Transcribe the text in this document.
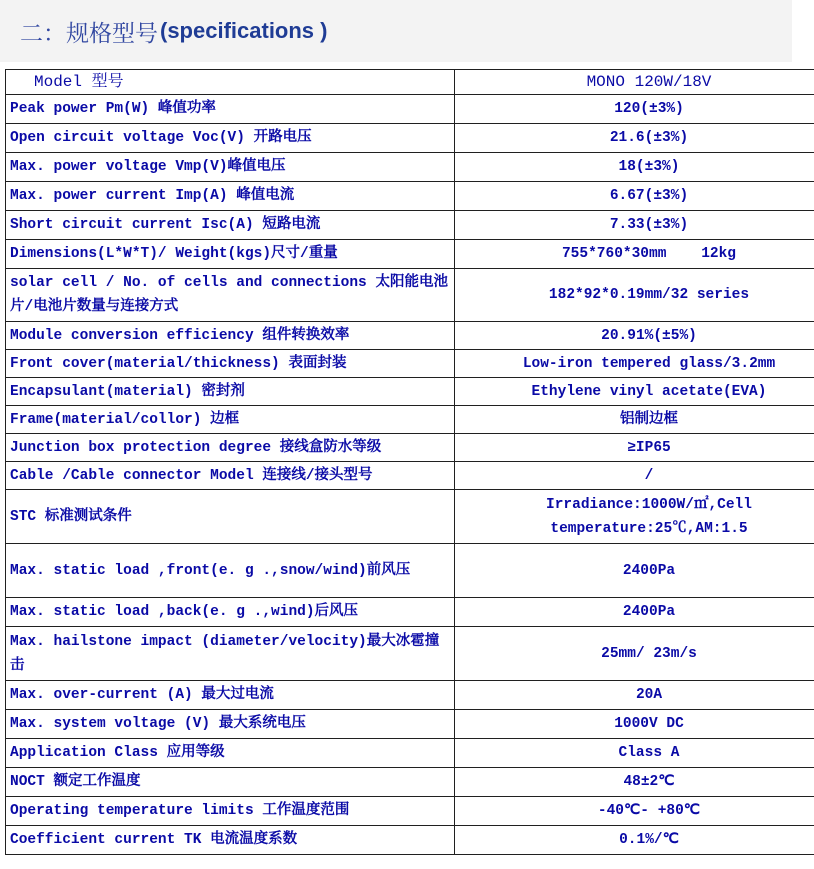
二： 规格型号 (specifications )
Model 型号	MONO 120W/18V
Peak power Pm(W) 峰值功率	120(±3%)
Open circuit voltage Voc(V) 开路电压	21.6(±3%)
Max. power voltage Vmp(V)峰值电压	18(±3%)
Max. power current Imp(A) 峰值电流	6.67(±3%)
Short circuit current Isc(A) 短路电流	7.33(±3%)
Dimensions(L*W*T)/ Weight(kgs)尺寸/重量	755*760*30mm    12kg
solar cell / No. of cells and connections 太阳能电池片/电池片数量与连接方式	182*92*0.19mm/32 series
Module conversion efficiency 组件转换效率	20.91%(±5%)
Front cover(material/thickness) 表面封装	Low-iron tempered glass/3.2mm
Encapsulant(material) 密封剂	Ethylene vinyl acetate(EVA)
Frame(material/collor) 边框	铝制边框
Junction box protection degree 接线盒防水等级	≥IP65
Cable /Cable connector Model 连接线/接头型号	/
STC 标准测试条件	Irradiance:1000W/㎡,Cell temperature:25℃,AM:1.5
Max. static load ,front(e. g .,snow/wind)前风压	2400Pa
Max. static load ,back(e. g .,wind)后风压	2400Pa
Max. hailstone impact (diameter/velocity)最大冰雹撞击	25mm/ 23m/s
Max. over-current (A) 最大过电流	20A
Max. system voltage (V) 最大系统电压	1000V DC
Application Class 应用等级	Class A
NOCT 额定工作温度	48±2℃
Operating temperature limits 工作温度范围	-40℃- +80℃
Coefficient current TK 电流温度系数	0.1%/℃
